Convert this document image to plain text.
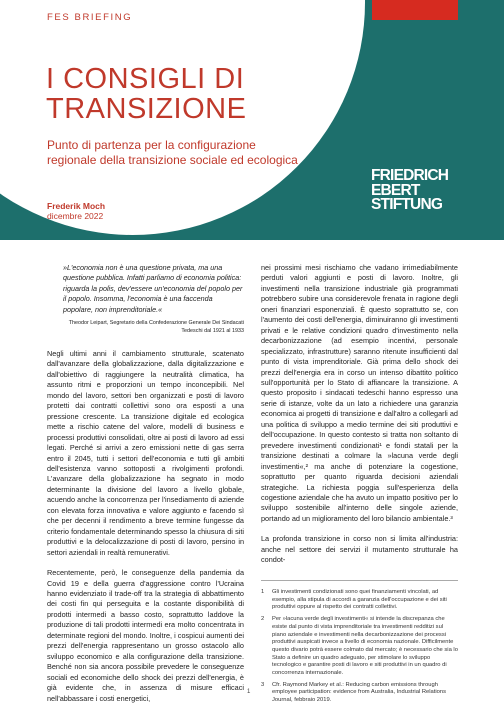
FES BRIEFING
I CONSIGLI DI
TRANSIZIONE

Punto di partenza per la configurazione regionale della transizione sociale ed ecologica

Frederik Moch
dicembre 2022
FRIEDRICH
EBERT
STIFTUNG
»L'economia non è una questione privata, ma una questione pubblica. Infatti parliamo di economia politica: riguarda la polis, dev'essere un'economia del popolo per il popolo. Insomma, l'economia è una faccenda popolare, non imprenditoriale.«
Theodor Leipart, Segretario della Confederazione Generale Dei Sindacati Tedeschi dal 1921 al 1933

Negli ultimi anni il cambiamento strutturale, scatenato dall'avanzare della globalizzazione, dalla digitalizzazione e dall'obiettivo di raggiungere la neutralità climatica, ha assunto ritmi e proporzioni un tempo inconcepibili. Nel mondo del lavoro, settori ben organizzati e posti di lavoro protetti dai contratti collettivi sono ora esposti a una pressione crescente. La transizione digitale ed ecologica mette a rischio catene del valore, modelli di business e processi produttivi consolidati, oltre ai posti di lavoro ad essi legati. Perché si arrivi a zero emissioni nette di gas serra entro il 2045, tutti i settori dell'economia e tutti gli ambiti dell'esistenza vanno sottoposti a rivolgimenti profondi. L'avanzare della globalizzazione ha segnato in modo determinante la divisione del lavoro a livello globale, acuendo anche la concorrenza per l'insediamento di aziende con elevata forza innovativa e valore aggiunto e facendo sì che per decenni il rendimento a breve termine fungesse da criterio fondamentale determinando spesso la chiusura di siti produttivi e la delocalizzazione di posti di lavoro, persino in settori aziendali in realtà remunerativi.

Recentemente, però, le conseguenze della pandemia da Covid 19 e della guerra d'aggressione contro l'Ucraina hanno evidenziato il trade-off tra la strategia di abbattimento dei costi fin qui perseguita e la costante disponibilità di prodotti intermedi a basso costo, soprattutto laddove la produzione di tali prodotti intermedi era molto concentrata in determinate regioni del mondo. Inoltre, i cospicui aumenti dei prezzi dell'energia rappresentano un grosso ostacolo allo sviluppo economico e alla configurazione della transizione. Benché non sia ancora possibile prevedere le conseguenze sociali ed economiche dello shock dei prezzi dell'energia, è già evidente che, in assenza di misure efficaci nell'abbassare i costi energetici,

nei prossimi mesi rischiamo che vadano irrimediabilmente perduti valori aggiunti e posti di lavoro. Inoltre, gli investimenti nella transizione industriale già programmati potrebbero subire una considerevole frenata in ragione degli oneri finanziari esponenziali. È questo soprattutto se, con l'aumento dei costi dell'energia, diminuiranno gli investimenti privati e le relative condizioni quadro d'investimento nella decarbonizzazione (ad esempio incentivi, personale specializzato, infrastrutture) saranno ritenute insufficienti dal punto di vista imprenditoriale. Già prima dello shock dei prezzi dell'energia era in corso un intenso dibattito politico sull'opportunità per lo Stato di affiancare la transizione. A questo proposito i sindacati tedeschi hanno espresso una serie di istanze, volte da un lato a richiedere una garanzia economica ai progetti di transizione e dall'altro a collegarli ad una politica di sviluppo a medio termine dei siti produttivi e dell'occupazione. In questo contesto si tratta non soltanto di prevedere investimenti condizionati¹ e fondi statali per la transizione destinati a colmare la »lacuna verde degli investimenti«,² ma anche di potenziare la cogestione, soprattutto per quanto riguarda decisioni aziendali strategiche. La richiesta poggia sull'esperienza della cogestione aziendale che ha avuto un impatto positivo per lo sviluppo sostenibile all'interno delle singole aziende, portando ad un miglioramento del loro bilancio ambientale.³

La profonda transizione in corso non si limita all'industria: anche nel settore dei servizi il mutamento strutturale ha condot-

1	Gli investimenti condizionati sono quei finanziamenti vincolati, ad esempio, alla stipula di accordi a garanzia dell'occupazione e dei siti produttivi oppure al rispetto dei contratti collettivi.
2	Per »lacuna verde degli investimenti« si intende la discrepanza che esiste dal punto di vista imprenditoriale tra investimenti redditizi sul piano aziendale e investimenti nella decarbonizzazione dei processi produttivi auspicati invece a livello di economia nazionale. Difficilmente questo divario potrà essere colmato dal mercato; è necessario che sia lo Stato a definire un quadro adeguato, per stimolare lo sviluppo tecnologico e garantire posti di lavoro e siti produttivi in un quadro di concorrenza internazionale.
3	Cfr. Raymond Markey et al.: Reducing carbon emissions through employee participation: evidence from Australia, Industrial Relations Journal, febbraio 2019.
1
